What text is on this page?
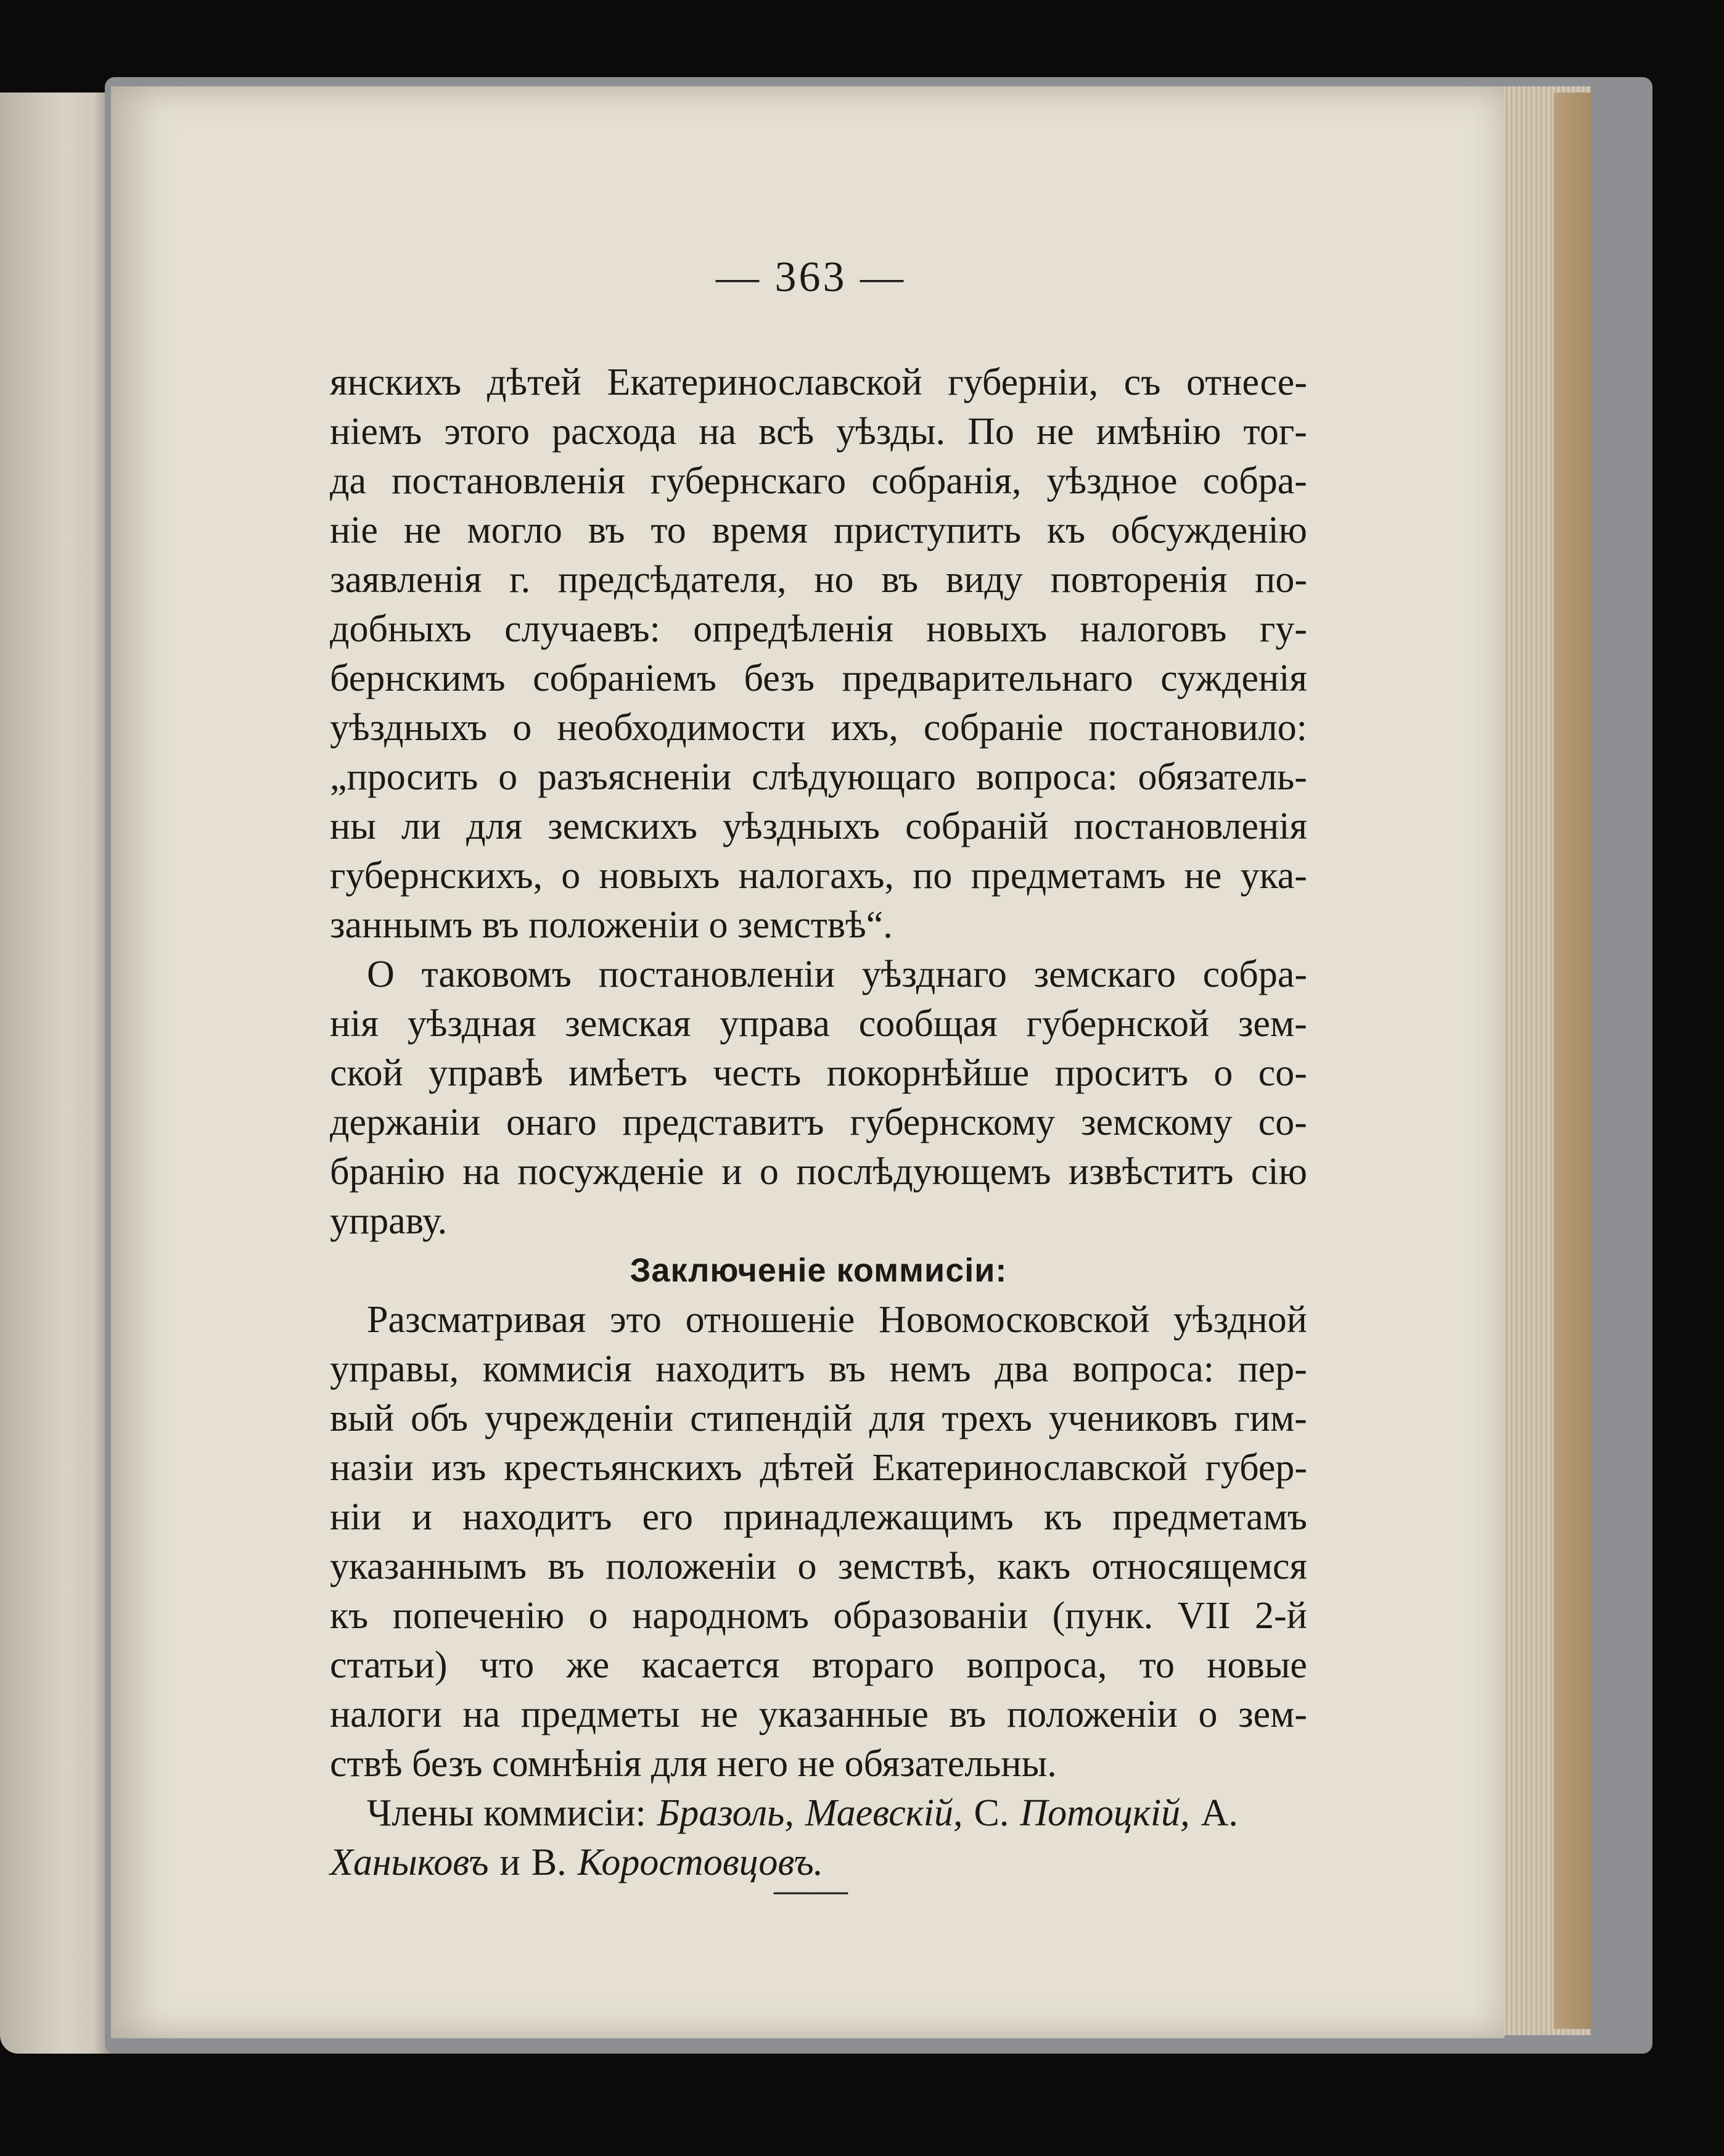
— 363 —
янскихъ дѣтей Екатеринославской губерніи, съ отнесе-
ніемъ этого расхода на всѣ уѣзды. По не имѣнію тог-
да постановленія губернскаго собранія, уѣздное собра-
ніе не могло въ то время приступить къ обсужденію
заявленія г. предсѣдателя, но въ виду повторенія по-
добныхъ случаевъ: опредѣленія новыхъ налоговъ гу-
бернскимъ собраніемъ безъ предварительнаго сужденія
уѣздныхъ о необходимости ихъ, собраніе постановило:
„просить о разъясненіи слѣдующаго вопроса: обязатель-
ны ли для земскихъ уѣздныхъ собраній постановленія
губернскихъ, о новыхъ налогахъ, по предметамъ не ука-
заннымъ въ положеніи о земствѣ“.
О таковомъ постановленіи уѣзднаго земскаго собра-
нія уѣздная земская управа сообщая губернской зем-
ской управѣ имѣетъ честь покорнѣйше проситъ о со-
держаніи онаго представитъ губернскому земскому со-
бранію на посужденіе и о послѣдующемъ извѣститъ сію
управу.
Заключеніе коммисіи:
Разсматривая это отношеніе Новомосковской уѣздной
управы, коммисія находитъ въ немъ два вопроса: пер-
вый объ учрежденіи стипендій для трехъ учениковъ гим-
назіи изъ крестьянскихъ дѣтей Екатеринославской губер-
ніи и находитъ его принадлежащимъ къ предметамъ
указаннымъ въ положеніи о земствѣ, какъ относящемся
къ попеченію о народномъ образованіи (пунк. VII 2-й
статьи) что же касается втораго вопроса, то новые
налоги на предметы не указанные въ положеніи о зем-
ствѣ безъ сомнѣнія для него не обязательны.
Члены коммисіи: Бразоль, Маевскій, С. Потоцкій, А.
Ханыковъ и В. Коростовцовъ.
——
